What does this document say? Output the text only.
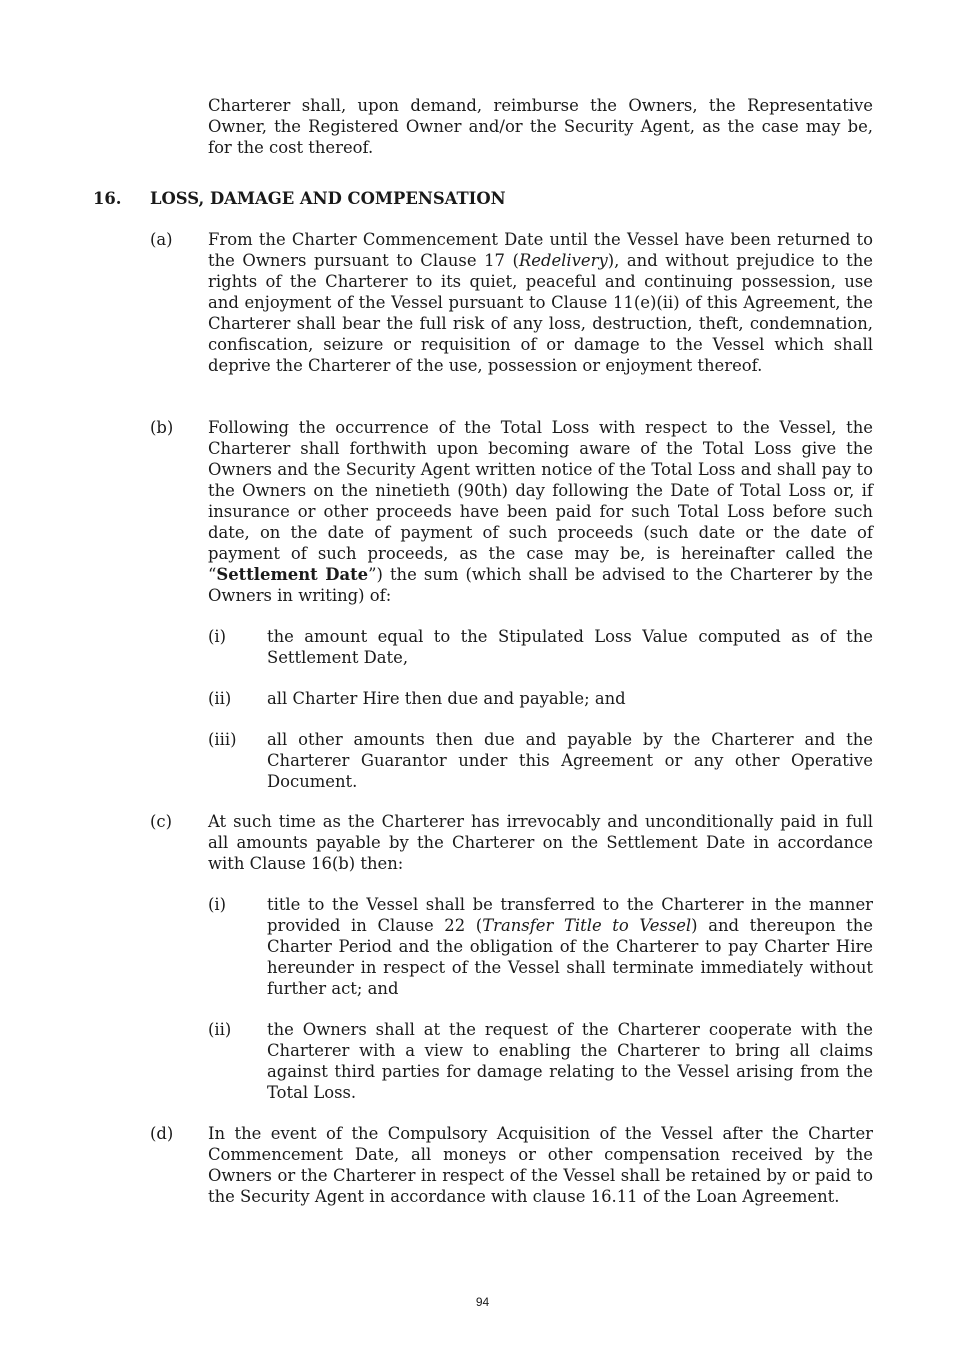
Charterer shall, upon demand, reimburse the Owners, the Representative Owner, the Registered Owner and/or the Security Agent, as the case may be, for the cost thereof.

16. LOSS, DAMAGE AND COMPENSATION
(a) From the Charter Commencement Date until the Vessel have been returned to the Owners pursuant to Clause 17 (Redelivery), and without prejudice to the rights of the Charterer to its quiet, peaceful and continuing possession, use and enjoyment of the Vessel pursuant to Clause 11(e)(ii) of this Agreement, the Charterer shall bear the full risk of any loss, destruction, theft, condemnation, confiscation, seizure or requisition of or damage to the Vessel which shall deprive the Charterer of the use, possession or enjoyment thereof.

(b) Following the occurrence of the Total Loss with respect to the Vessel, the Charterer shall forthwith upon becoming aware of the Total Loss give the Owners and the Security Agent written notice of the Total Loss and shall pay to the Owners on the ninetieth (90th) day following the Date of Total Loss or, if insurance or other proceeds have been paid for such Total Loss before such date, on the date of payment of such proceeds (such date or the date of payment of such proceeds, as the case may be, is hereinafter called the “Settlement Date”) the sum (which shall be advised to the Charterer by the Owners in writing) of:

(i) the amount equal to the Stipulated Loss Value computed as of the Settlement Date,

(ii) all Charter Hire then due and payable; and

(iii) all other amounts then due and payable by the Charterer and the Charterer Guarantor under this Agreement or any other Operative Document.

(c) At such time as the Charterer has irrevocably and unconditionally paid in full all amounts payable by the Charterer on the Settlement Date in accordance with Clause 16(b) then:

(i) title to the Vessel shall be transferred to the Charterer in the manner provided in Clause 22 (Transfer Title to Vessel) and thereupon the Charter Period and the obligation of the Charterer to pay Charter Hire hereunder in respect of the Vessel shall terminate immediately without further act; and

(ii) the Owners shall at the request of the Charterer cooperate with the Charterer with a view to enabling the Charterer to bring all claims against third parties for damage relating to the Vessel arising from the Total Loss.

(d) In the event of the Compulsory Acquisition of the Vessel after the Charter Commencement Date, all moneys or other compensation received by the Owners or the Charterer in respect of the Vessel shall be retained by or paid to the Security Agent in accordance with clause 16.11 of the Loan Agreement.

94
